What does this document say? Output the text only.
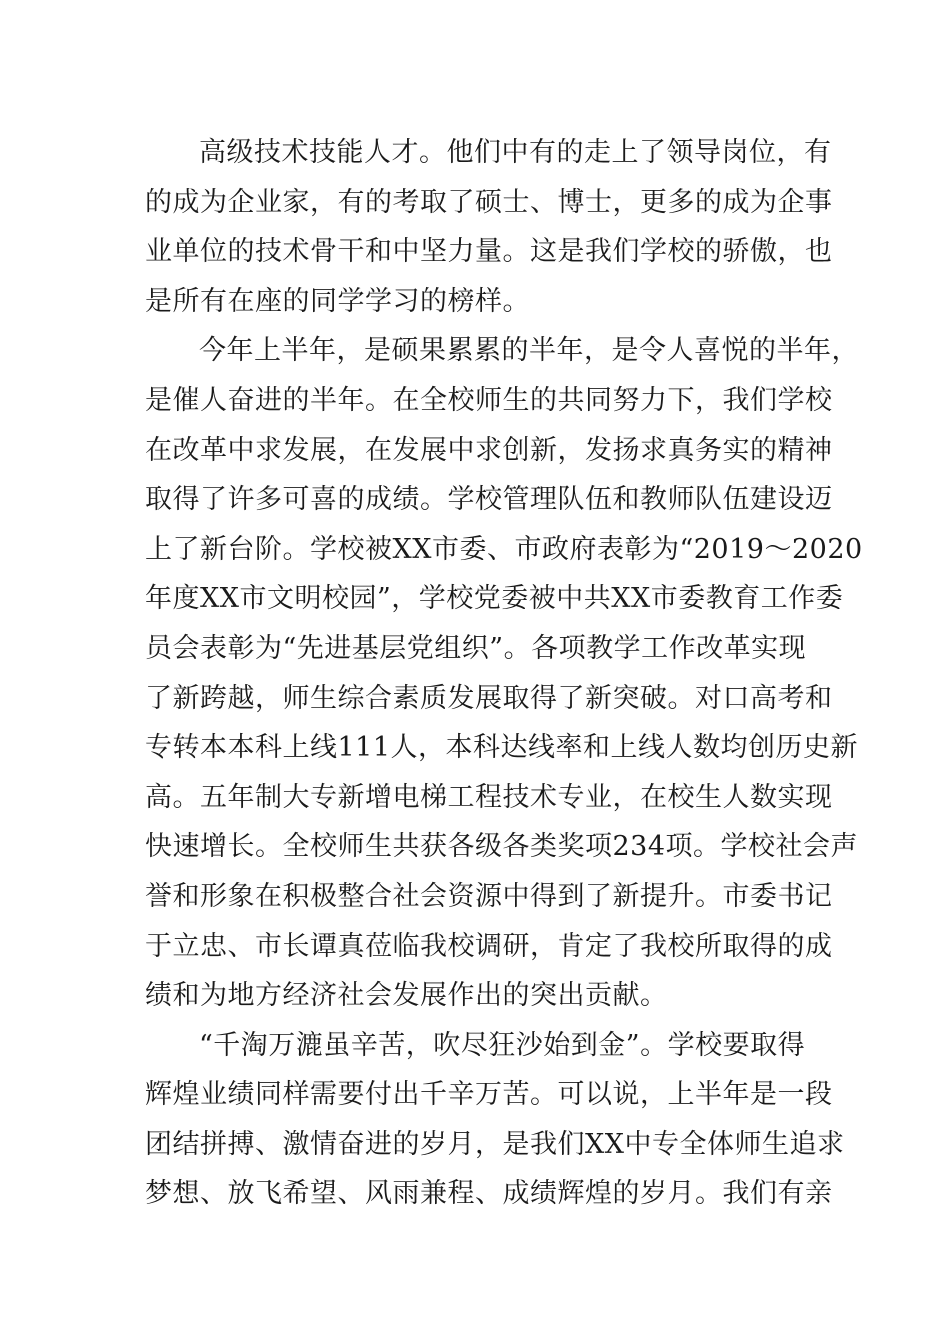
高级技术技能人才。他们中有的走上了领导岗位，有
的成为企业家，有的考取了硕士、博士，更多的成为企事
业单位的技术骨干和中坚力量。这是我们学校的骄傲，也
是所有在座的同学学习的榜样。
今年上半年，是硕果累累的半年，是令人喜悦的半年，
是催人奋进的半年。在全校师生的共同努力下，我们学校
在改革中求发展，在发展中求创新，发扬求真务实的精神
取得了许多可喜的成绩。学校管理队伍和教师队伍建设迈
上了新台阶。学校被XX市委、市政府表彰为“2019～2020
年度XX市文明校园”，学校党委被中共XX市委教育工作委
员会表彰为“先进基层党组织”。各项教学工作改革实现
了新跨越，师生综合素质发展取得了新突破。对口高考和
专转本本科上线111人，本科达线率和上线人数均创历史新
高。五年制大专新增电梯工程技术专业，在校生人数实现
快速增长。全校师生共获各级各类奖项234项。学校社会声
誉和形象在积极整合社会资源中得到了新提升。市委书记
于立忠、市长谭真莅临我校调研，肯定了我校所取得的成
绩和为地方经济社会发展作出的突出贡献。
“千淘万漉虽辛苦，吹尽狂沙始到金”。学校要取得
辉煌业绩同样需要付出千辛万苦。可以说，上半年是一段
团结拼搏、激情奋进的岁月，是我们XX中专全体师生追求
梦想、放飞希望、风雨兼程、成绩辉煌的岁月。我们有亲
